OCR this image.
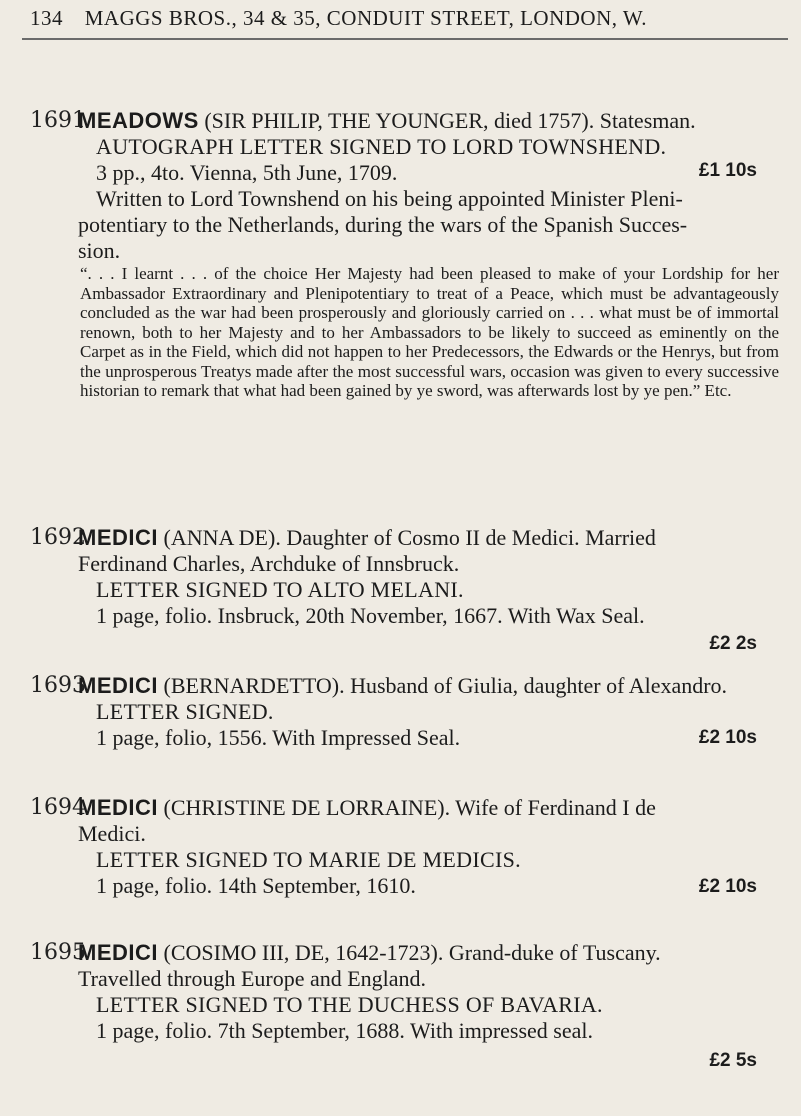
134 MAGGS BROS., 34 & 35, CONDUIT STREET, LONDON, W.
1691
MEADOWS (SIR PHILIP, THE YOUNGER, died 1757). Statesman.
AUTOGRAPH LETTER SIGNED TO LORD TOWNSHEND.
3 pp., 4to. Vienna, 5th June, 1709.	£1 10s
Written to Lord Townshend on his being appointed Minister Pleni-
potentiary to the Netherlands, during the wars of the Spanish Succes-
sion.
“. . . I learnt . . . of the choice Her Majesty had been pleased to make of your Lordship for her Ambassador Extraordinary and Plenipotentiary to treat of a Peace, which must be advantageously concluded as the war had been prosperously and gloriously carried on . . . what must be of immortal renown, both to her Majesty and to her Ambassadors to be likely to succeed as eminently on the Carpet as in the Field, which did not happen to her Predecessors, the Edwards or the Henrys, but from the unprosperous Treatys made after the most successful wars, occasion was given to every successive historian to remark that what had been gained by ye sword, was afterwards lost by ye pen.” Etc.
1692
MEDICI (ANNA DE). Daughter of Cosmo II de Medici. Married
Ferdinand Charles, Archduke of Innsbruck.
LETTER SIGNED TO ALTO MELANI.
1 page, folio. Insbruck, 20th November, 1667. With Wax Seal.
£2 2s
1693
MEDICI (BERNARDETTO). Husband of Giulia, daughter of Alexandro.
LETTER SIGNED.
1 page, folio, 1556. With Impressed Seal.	£2 10s
1694
MEDICI (CHRISTINE DE LORRAINE). Wife of Ferdinand I de
Medici.
LETTER SIGNED TO MARIE DE MEDICIS.
1 page, folio. 14th September, 1610.	£2 10s
1695
MEDICI (COSIMO III, DE, 1642-1723). Grand-duke of Tuscany.
Travelled through Europe and England.
LETTER SIGNED TO THE DUCHESS OF BAVARIA.
1 page, folio. 7th September, 1688. With impressed seal.
£2 5s
